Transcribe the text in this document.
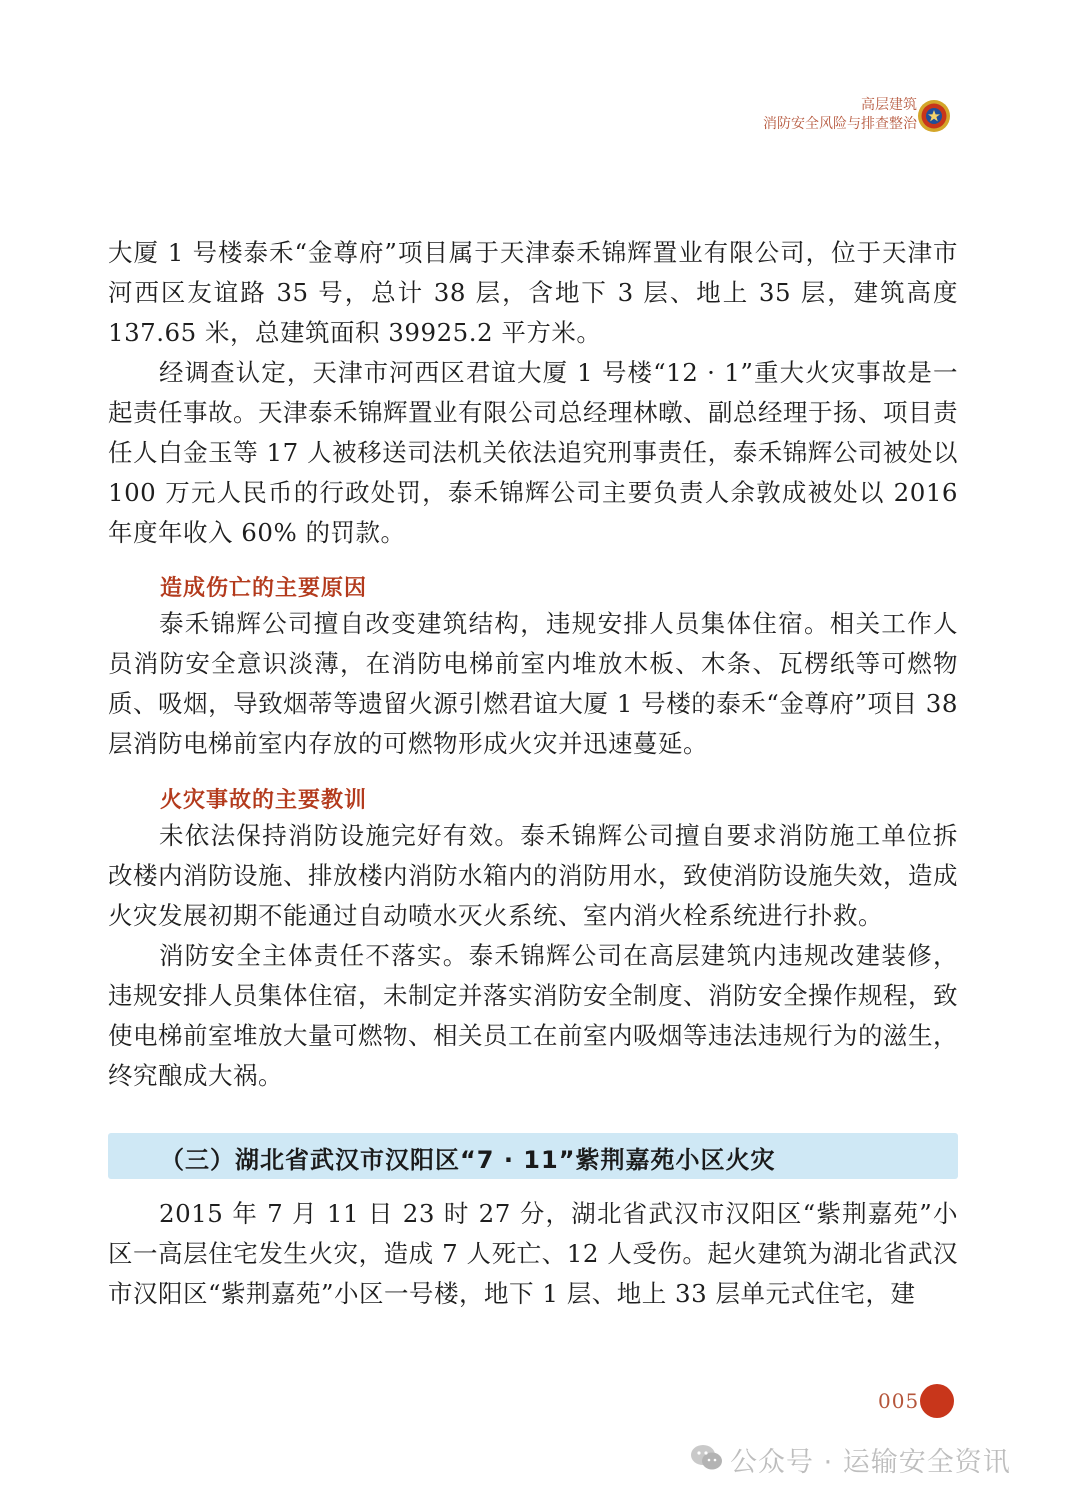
高层建筑
消防安全风险与排查整治

大厦 1 号楼泰禾“金尊府”项目属于天津泰禾锦辉置业有限公司，位于天津市河西区友谊路 35 号，总计 38 层，含地下 3 层、地上 35 层，建筑高度 137.65 米，总建筑面积 39925.2 平方米。

经调查认定，天津市河西区君谊大厦 1 号楼“12 · 1”重大火灾事故是一起责任事故。天津泰禾锦辉置业有限公司总经理林暾、副总经理于扬、项目责任人白金玉等 17 人被移送司法机关依法追究刑事责任，泰禾锦辉公司被处以 100 万元人民币的行政处罚，泰禾锦辉公司主要负责人余敦成被处以 2016 年度年收入 60% 的罚款。

造成伤亡的主要原因

泰禾锦辉公司擅自改变建筑结构，违规安排人员集体住宿。相关工作人员消防安全意识淡薄，在消防电梯前室内堆放木板、木条、瓦楞纸等可燃物质、吸烟，导致烟蒂等遗留火源引燃君谊大厦 1 号楼的泰禾“金尊府”项目 38 层消防电梯前室内存放的可燃物形成火灾并迅速蔓延。

火灾事故的主要教训

未依法保持消防设施完好有效。泰禾锦辉公司擅自要求消防施工单位拆改楼内消防设施、排放楼内消防水箱内的消防用水，致使消防设施失效，造成火灾发展初期不能通过自动喷水灭火系统、室内消火栓系统进行扑救。

消防安全主体责任不落实。泰禾锦辉公司在高层建筑内违规改建装修，违规安排人员集体住宿，未制定并落实消防安全制度、消防安全操作规程，致使电梯前室堆放大量可燃物、相关员工在前室内吸烟等违法违规行为的滋生，终究酿成大祸。

（三）湖北省武汉市汉阳区“7 · 11”紫荆嘉苑小区火灾

2015 年 7 月 11 日 23 时 27 分，湖北省武汉市汉阳区“紫荆嘉苑”小区一高层住宅发生火灾，造成 7 人死亡、12 人受伤。起火建筑为湖北省武汉市汉阳区“紫荆嘉苑”小区一号楼，地下 1 层、地上 33 层单元式住宅，建

005
公众号 · 运输安全资讯
